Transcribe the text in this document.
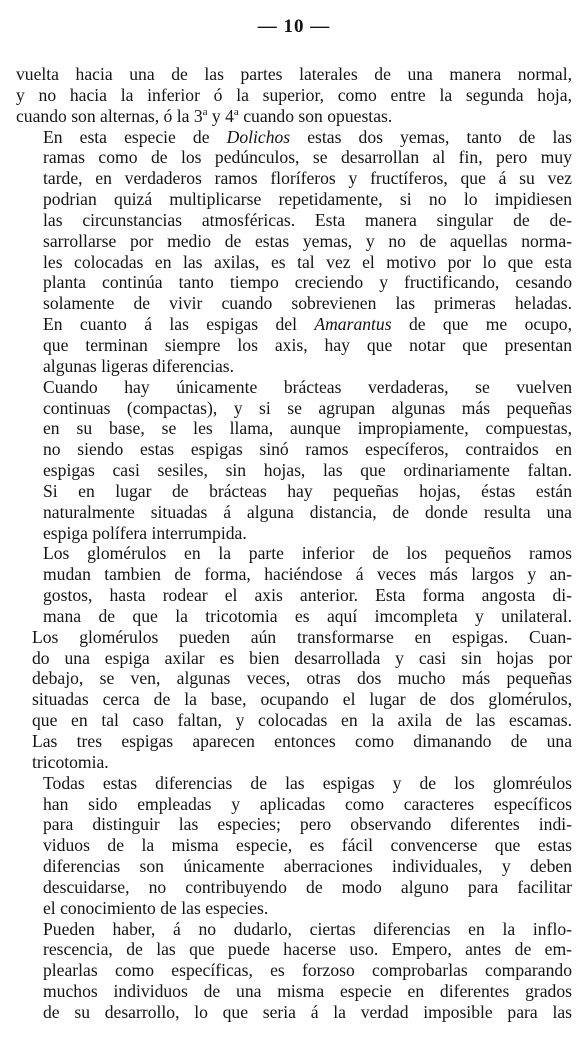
— 10 —

vuelta hacia una de las partes laterales de una manera normal,
y no hacia la inferior ó la superior, como entre la segunda hoja,
cuando son alternas, ó la 3$^a$ y 4$^a$ cuando son opuestas.

En esta especie de Dolichos estas dos yemas, tanto de las
ramas como de los pedúnculos, se desarrollan al fin, pero muy
tarde, en verdaderos ramos floríferos y fructíferos, que á su vez
podrian quizá multiplicarse repetidamente, si no lo impidiesen
las circunstancias atmosféricas. Esta manera singular de de-
sarrollarse por medio de estas yemas, y no de aquellas norma-
les colocadas en las axilas, es tal vez el motivo por lo que esta
planta continúa tanto tiempo creciendo y fructificando, cesando
solamente de vivir cuando sobrevienen las primeras heladas.

En cuanto á las espigas del Amarantus de que me ocupo,
que terminan siempre los axis, hay que notar que presentan
algunas ligeras diferencias.

Cuando hay únicamente brácteas verdaderas, se vuelven
continuas (compactas), y si se agrupan algunas más pequeñas
en su base, se les llama, aunque impropiamente, compuestas,
no siendo estas espigas sinó ramos específeros, contraidos en
espigas casi sesiles, sin hojas, las que ordinariamente faltan.

Si en lugar de brácteas hay pequeñas hojas, éstas están
naturalmente situadas á alguna distancia, de donde resulta una
espiga polífera interrumpida.

Los glomérulos en la parte inferior de los pequeños ramos
mudan tambien de forma, haciéndose á veces más largos y an-
gostos, hasta rodear el axis anterior. Esta forma angosta di-
mana de que la tricotomia es aquí imcompleta y unilateral.

Los glomérulos pueden aún transformarse en espigas. Cuan-
do una espiga axilar es bien desarrollada y casi sin hojas por
debajo, se ven, algunas veces, otras dos mucho más pequeñas
situadas cerca de la base, ocupando el lugar de dos glomérulos,
que en tal caso faltan, y colocadas en la axila de las escamas.
Las tres espigas aparecen entonces como dimanando de una
tricotomia.

Todas estas diferencias de las espigas y de los glomréulos
han sido empleadas y aplicadas como caracteres específicos
para distinguir las especies; pero observando diferentes indi-
viduos de la misma especie, es fácil convencerse que estas
diferencias son únicamente aberraciones individuales, y deben
descuidarse, no contribuyendo de modo alguno para facilitar
el conocimiento de las especies.

Pueden haber, á no dudarlo, ciertas diferencias en la inflo-
rescencia, de las que puede hacerse uso. Empero, antes de em-
plearlas como específicas, es forzoso comprobarlas comparando
muchos individuos de una misma especie en diferentes grados
de su desarrollo, lo que seria á la verdad imposible para las
